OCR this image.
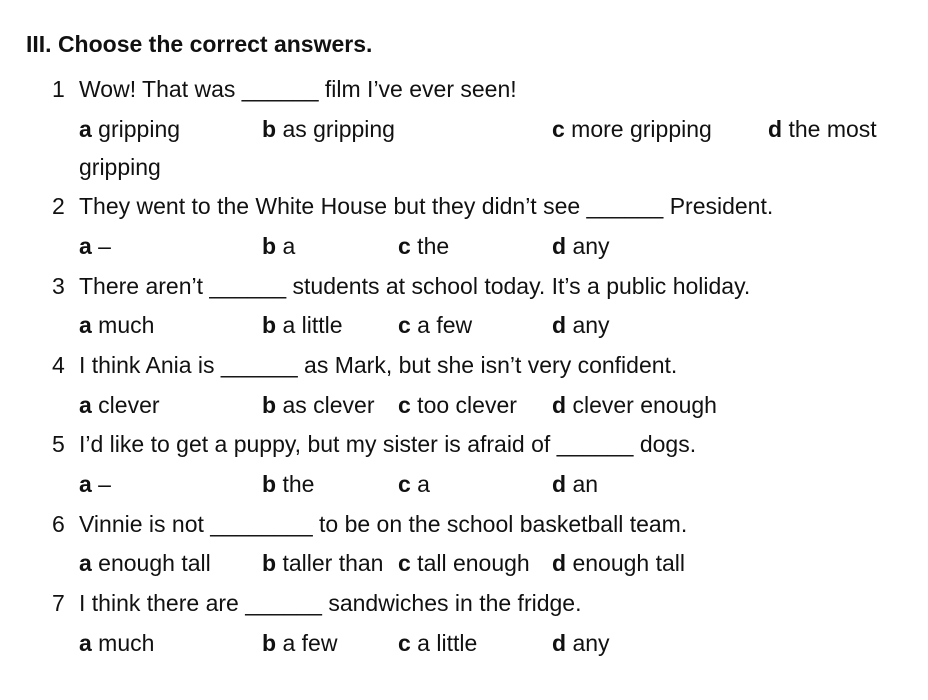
III. Choose the correct answers.
1 Wow! That was ______ film I’ve ever seen!
a gripping	b as gripping	c more gripping d the most
gripping
2 They went to the White House but they didn’t see ______ President.
a –	b a	c the	d any
3 There aren’t ______ students at school today. It’s a public holiday.
a much	b a little c a few	d any
4 I think Ania is ______ as Mark, but she isn’t very confident.
a clever	b as clever c too clever d clever enough
5 I’d like to get a puppy, but my sister is afraid of ______ dogs.
a –	b the	c a	d an
6 Vinnie is not ________ to be on the school basketball team.
a enough tall b taller than c tall enough d enough tall
7 I think there are ______ sandwiches in the fridge.
a much	b a few	c a little	d any
